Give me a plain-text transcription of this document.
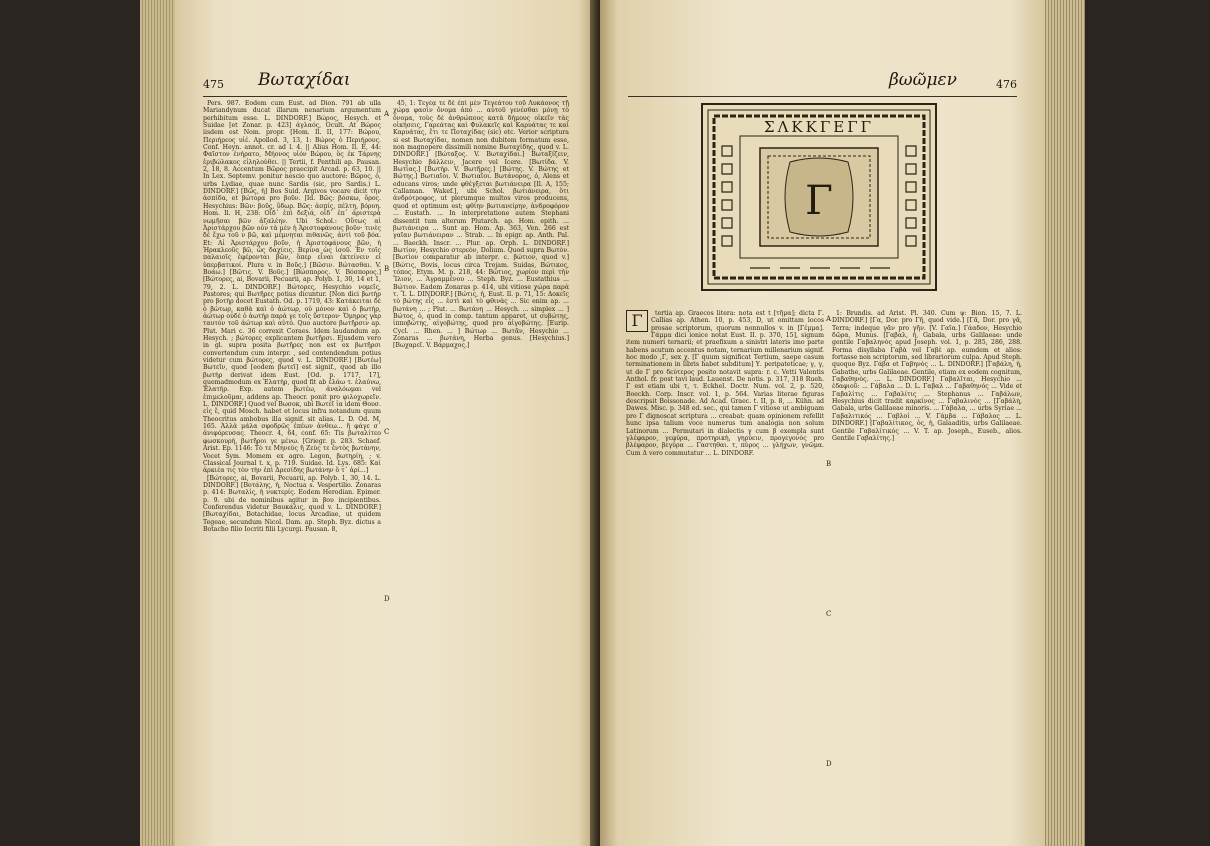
475 Βωταχίδαι

Pers. 987. Eodem cum Eust. ad Dion. 791 ab ulla Mariandynum ducat illarum nenarium argumentum perhibitum esse. L. DINDORF.] Βώρος, Hesych. et Suidae [et Zonar. p. 423] ἀγλαός, Ocult. At Βώρος iisdem est Nom. propr. [Hom. Il. II, 177: Βώρου, Περιήρεος υἱέ. Apollod. 3, 13, 1: Βώρος ὁ Περιήρους. Conf. Heyn. annot. cr. ad l. 4. || Alius Hom. Il. E, 44: Φαῖστον ἐνήρατο, Μήονος υἱόν Βώρου, ὃς ἐκ Τάρνης ἐριβώλακος εἰληλούθει. || Tertii, f. Penthili ap. Pausan. 2, 18, 8. Accentum Βῶρος praecipit Arcad. p. 63, 10. || In Lex. Septemv. ponitur nescio quo auctore: Βῶρος, ὁ, urbs Lydiae, quae nunc Sardis (sic, pro Sardis.) L. DINDORF.] [Βῶς, ἡ] Bos Suid. Argivos vocare dicit τὴν ἀσπίδα, et βώτορα pro βοῦν. [Id. Βῶς: βόσκω, ὄρος. Hesychius: Βῶν: βοῦς, ὕδωρ. Βῶς: ἀσπίς, πέλτη, βόρυη. Hom. Il. H, 238: Οἶδ᾽ ἐπὶ δεξιά, οἶδ᾽ ἐπ᾽ ἀριστερὰ νωμῆσαι βῶν ἀζαλέην. Ubi Schol.: Οὕτως αἱ Ἀριστάρχου βῶν οὐν τὰ μὲν ἡ Ἀριστοφάνους βοῦν· τινὲς δὲ ἔχω τοῦ ν βῶ, καὶ μέμνηται πιθανῶς, ἀντὶ τοῦ βόα. Et: Αἱ Ἀριστάρχου βοῦν, ἡ Ἀριστοφάνους βῶν, ἡ Ἡρακλεοῦς βῶ, ὡς δαχίεις. Βερίνα ὡς ἰσοῦ. Ἐν τοῖς παλαιοῖς ἐφέρονται βῶν, ὅπερ εἶναι ἐκτείνειν εἰ ὑπερβατικοί. Plura v. in Βοῦς.] [Βῶσιν. Βώτασθαι. V. Βοάω.] [Βῶτις. V. Βοῦς.] [Βώσπορος. V. Βόσπορος.] [Βώτορες, ai, Bovarii, Pecuarii, ap. Polyb. 1, 30, 14 et 1, 79, 2. L. DINDORF.] Βώτορες, Hesychio νομεῖς, Pastores; qui Βωτῆρες potius dicuntur. [Non dici βωτὴρ pro βοτὴρ docet Eustath. Od. p. 1719, 43: Κατάκειται δὲ ὁ βώτωρ, καθὰ καὶ ὁ ἀώτωρ, οὐ μόνον καὶ ὁ βωτὴρ, ἀώτωρ οὐδὲ ὁ ἀωτὴρ παρὰ γε τοῖς ὕστερον· Ὅμηρος γὰρ ταυτόν τοῦ ἀώτωρ καὶ αὐτό. Quo auctore βωτῆρσιν ap. Plut. Mari c. 36 correxit Coraes. Idem laudandum ap. Hesych. ; βώτορες explicantem βωτῆρσι. Ejusdem vero in gl. supra posita βωτῆρες non est ex βωτῆρσι convertendum cum interpr. , sed contendendum potius videtur cum βώτορες, quod v. L. DINDORF.] [Βωτέω] Βωτεῖν, quod [eodem βωτεῖ] est signif., quod ab illo βωτὴρ derivat idem Eust. [Od. p. 1717, 17], quemadmodum ex Ἐλατὴρ, quod fit ab ἐλάω τ. ἐλαύνω, Ἐλατήρ. Exp. autem βωτέω, ἀναλόωμαι vel ἐπιμελοῦμαι, addens ap. Theocr. ponit pro φιλοχωρεῖν. L. DINDORF.] Quod vel Βωσοκ, ubi Βωτεῖ ἰα idem Θουσ. εἰς ἔ, quid Μοsch. habet et locus infra notandum quum Theocritus ambobus illa signif. sit alias. L. D. Od. M, 165. Ἀλλὰ μάλα σφοδρῶς ἐπέων ἀνθεω... ἢ φάγε σ᾽ ἀνιφόρευσας. Theocr. 4, 64, conf. 65: Tis βωταλίτεο φωσκουρή, βωτῆροι γε μένω. [Griegr. p. 283. Schaef. Arist. Ep. 1146: Τὸ τε Μηνεὺς ἢ Ζεὺς τε ἐντὸς βωτάνην, Vocet Sym. Momem ex agro. Legon, βωτηρίη, ; v. Classical Journal t. x, p. 719. Suidae. Id. Lys. 685: Καὶ ἀρκιέα τις τὸν τὴν ἐπὶ Δρεσίδης βωτάνην ὅ τ᾽ ἀρί...]

[Βώτορες, ai, Bovarii, Pecuarii, ap. Polyb. 1, 30, 14. L. DINDORF.] [Βοτάλης, ἡ, Noctua s. Vespertilio. Zonaras p. 414: Βωταλίς, ἡ νυκτερίς. Eodem Herodian. Epimer. p. 9. ubi de nominibus agitur in βου incipientibus. Conferendus videtur Βαυκάλις, quod v. L. DINDORF.] [Βωταχίδαι, Botachidae, locus Arcadiae, ut quidem Tegeae, secundum Nicol. Dam. ap. Steph. Byz. dictus a Botacho filio Iocriti filii Lycurgi. Pausan. 8,

45, 1: Τεγέᾳ τε δὲ ἐπὶ μὲν Τεγεάτου τοῦ Λυκάονος τῇ χώρᾳ φασὶν ὄνομα ἀπὸ ... αὐτοῦ γενέσθαι μόνῃ τὸ ὄνομα, τοὺς δὲ ἀνθρώπους κατὰ δήμους οἰκεῖν τὰς οἰκήσεις, Γαρεάτας καὶ Φυλακεῖς καὶ Καρυάτας τε καὶ Καρυάτας, ἔτι τε Ποταχίδας (sic) etc. Verior scriptura si est Βωταχίδαι, nomen non dubitem formatum esse, non magnopere dissimili nomine Βωταχίδης, quod v. L. DINDORF.] [Βώταξος. V. Βωταχίδαι.] Βωταξίζειν, Hesychio βάλλειν, Jacere vel Icere. [Βωτίδα. V. Βωτίας.] [Βωτήρ. V. Βωτῆρες.] [Βώτης. V. Βώτης et Βώτης.] Βωτιαῖοι. V. Βωτιαῖοι. Βωτάνορος, ὁ, Alens et educans viros; unde φθέγξεται βωτιάνειρα [Il. A, 155; Callaman. Wakef.], ubi Schol. βωτιάνειρα, ὅτι ἀνδρότροφος, ut plerumque multos viros producens, quod et optimum est; φθίην βωτιανείρην, ἀνδροφόρον ... Eustath. ... In interpretatione autem Stephani dissentit tum alterum Plutarch. ap. Hom. epith. ... βωτιάνειρα ... Sunt ap. Hom. Ap. 363, Ven. 266 est γαῖαν βωτιάνειραν ... Strab. ... In epigr. ap. Anth. Pal. ... Baeckh. Inscr. ... Plur. ap. Orph. L. DINDORF.] Βωτίον, Hesychio στερεὸν, Dolium. Quod supra Βωτὸν. [Βωτὶον comparatur ab interpr. c. βώτιον, quod v.] [Βώτις, Bovis, locus circa Trojam. Suidas, Βώτικος, τόπος. Etym. M. p. 218, 44: Βώτιος, χωρίον περὶ τὴν Ἴλιον, ... Ἀγραμμένου ... Steph. Byz. ... Eustathius ... Βώτιον. Eadem Zonaras p. 414, ubi vitiose χώρα παρὰ τ. Ἴ. L. DINDORF.] [Βώτις, ἡ, Eust. Il. p. 71, 15: Δοκεῖς τὸ βώτης εἶς ... ἐστὶ καὶ τὸ φθινὰς ... Sic enim ap. ... βωτάνη ... ; Plut. ... Βωτάνη ... Hesych. ... simplex ... ] Βώτος, ὁ, quod in comp. tantum apparet, ut συβώτης, ἱπποβώτης, αἰγοβώτης, quod pro αἰγοβώτης. [Eurip. Cycl. ... Rhen. ... ] Βώτωρ ... Βωτᾶν, Hesychio ... Zonaras ... βωτάνη, Herba genus. [Hesychius.] [Βωχαρεῖ. V. Βάρμαχος.]

A
B
C
D
βωῶμεν	476
Γ
ΣΛΚΚΓΕΓΓ
Γ	tertia ap. Graecos litera: nota est t [τῆμα]; dicta Γ. Callias ap. Athen. 10, p. 453, D, ut omittam locos prosae scriptorum, quorum nonnullos v. in [Γέμμα]. Γάμμα dici ionice notat Eust. II. p. 370, 15], signum item numeri ternarii; et praefixum a sinistri lateris imo parte habens acutum accentus notam, ternarium millenarium signif. hoc modo ,Γ, sex χ. [Γ quum significat Tertium, saepe casum terminationem in libris habet subditum] Υ. peripateticae; γ, γ, ut de Γ pro δεύτερος posito notavit supra: r. c. Vetti Valentis Anthol. fr. post tavi laud. Lauenst. De notis. p. 317, 318 Rueh. Γ est etiam ubi τ, τ. Eckhel. Doctr. Num. vol. 2, p. 520, Boeckh. Corp. Inscr. vol. 1, p. 564. Varias literae figuras descripsit Boissonade. Ad Acad. Graec. t. II, p. 8, ... Kühn. ad Dawes. Misc. p. 348 ed. sec., qui tamen Γ vitiose ut ambiguam pro Γ dignoscat scriptura ... creabat: quam opinionem refellit hunc ipsa talium voce numerus tum analogia non solum Latinorum ... Permutari in dialectis γ cum β exempla sunt γλέφαρον, γεφύρα, προτηρικὴ, γηρύειν, προγεγονὸς pro βλέφαρον, βεγύρα ... Γαστηθαι. τ, πύρος ... γλήχων, γνῶμα. Cum Δ vero commutatur ... L. DINDORF.

1: Brundis. ad Arist. Pl. 340. Cum ψ: Bion. 15, 7. L. DINDORF.] [Γα, Dor. pro Γῆ, quod vide.] [Γᾶ, Dor. pro γᾶ, Terra; indeque γᾶν pro γῆν. [V. Γαῖα.] Γάαδον, Hesychio δῶρα, Munus. [Γαβαλ, ἡ, Gabala, urbs Galilaeae: unde gentile Γαβαληνὸς apud Joseph. vol. 1, p. 285, 286, 288. Forma disyllaba Γαβὰ vel Γαβὲ ap. eumdem et alios: fortasse non scriptorum, sed librariorum culpa. Apud Steph. quoque Byz. Γάβα et Γαβηνὸς ... L. DINDORF.] [Γαβάλη, ἡ, Gabathe, urbs Galilaeae. Gentile, etiam ex eodem cognitum, Γαβαθηνὸς. ... L. DINDORF.] Γαβαλῖται, Hesychio ... ἐδαφιοῦ: ... Γάβαλα ... D. L. Γαβαλ ... Γαβαθηνός ... Vide et Γαβαλίτις ... Γαβαλίτις ... Stephanus ... Γαβάλων, Hesychius dicit tradit καρκίνος ... Γαβαλινὸς ... [Γαβάλη, Gabala, urbs Galilaeae minoris. ... Γάβαλα, ... urbs Syriae ... Γαβαλιτικός ... Γαβλοί ... V. Γάμβα ... Γάβαλος ... L. DINDORF.] [Γαβαλίτικος, ὁς, ἡ, Galaaditis, urbs Galilaeae. Gentile Γαβαλίτικός ... V. T. ap. Joseph., Euseb., alios. Gentile Γαβαλίτης.]

A
B
C
D
